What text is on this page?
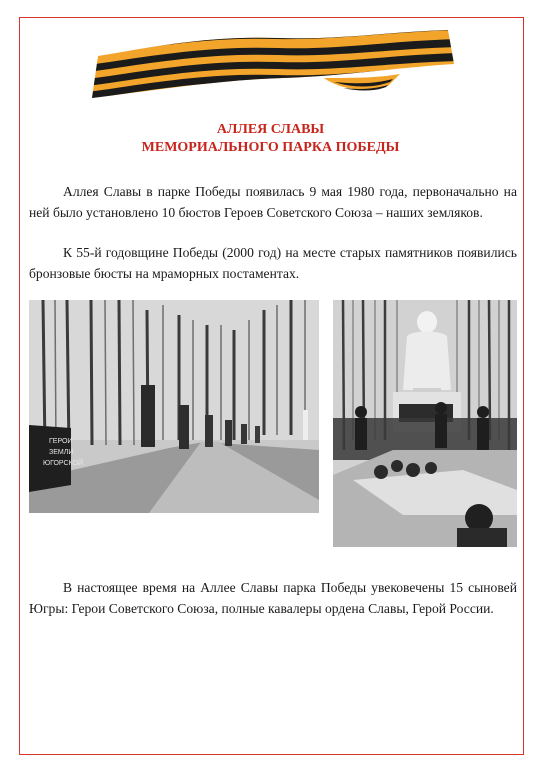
АЛЛЕЯ СЛАВЫ
МЕМОРИАЛЬНОГО ПАРКА ПОБЕДЫ

Аллея Славы в парке Победы появилась 9 мая 1980 года, первоначально на ней было установлено 10 бюстов Героев Советского Союза – наших земляков.

К 55-й годовщине Победы (2000 год) на месте старых памятников появились бронзовые бюсты на мраморных постаментах.

ГЕРОИ
ЗЕМЛИ
ЮГОРСКОЙ

В настоящее время на Аллее Славы парка Победы увековечены 15 сыновей Югры: Герои Советского Союза, полные кавалеры ордена Славы, Герой России.
